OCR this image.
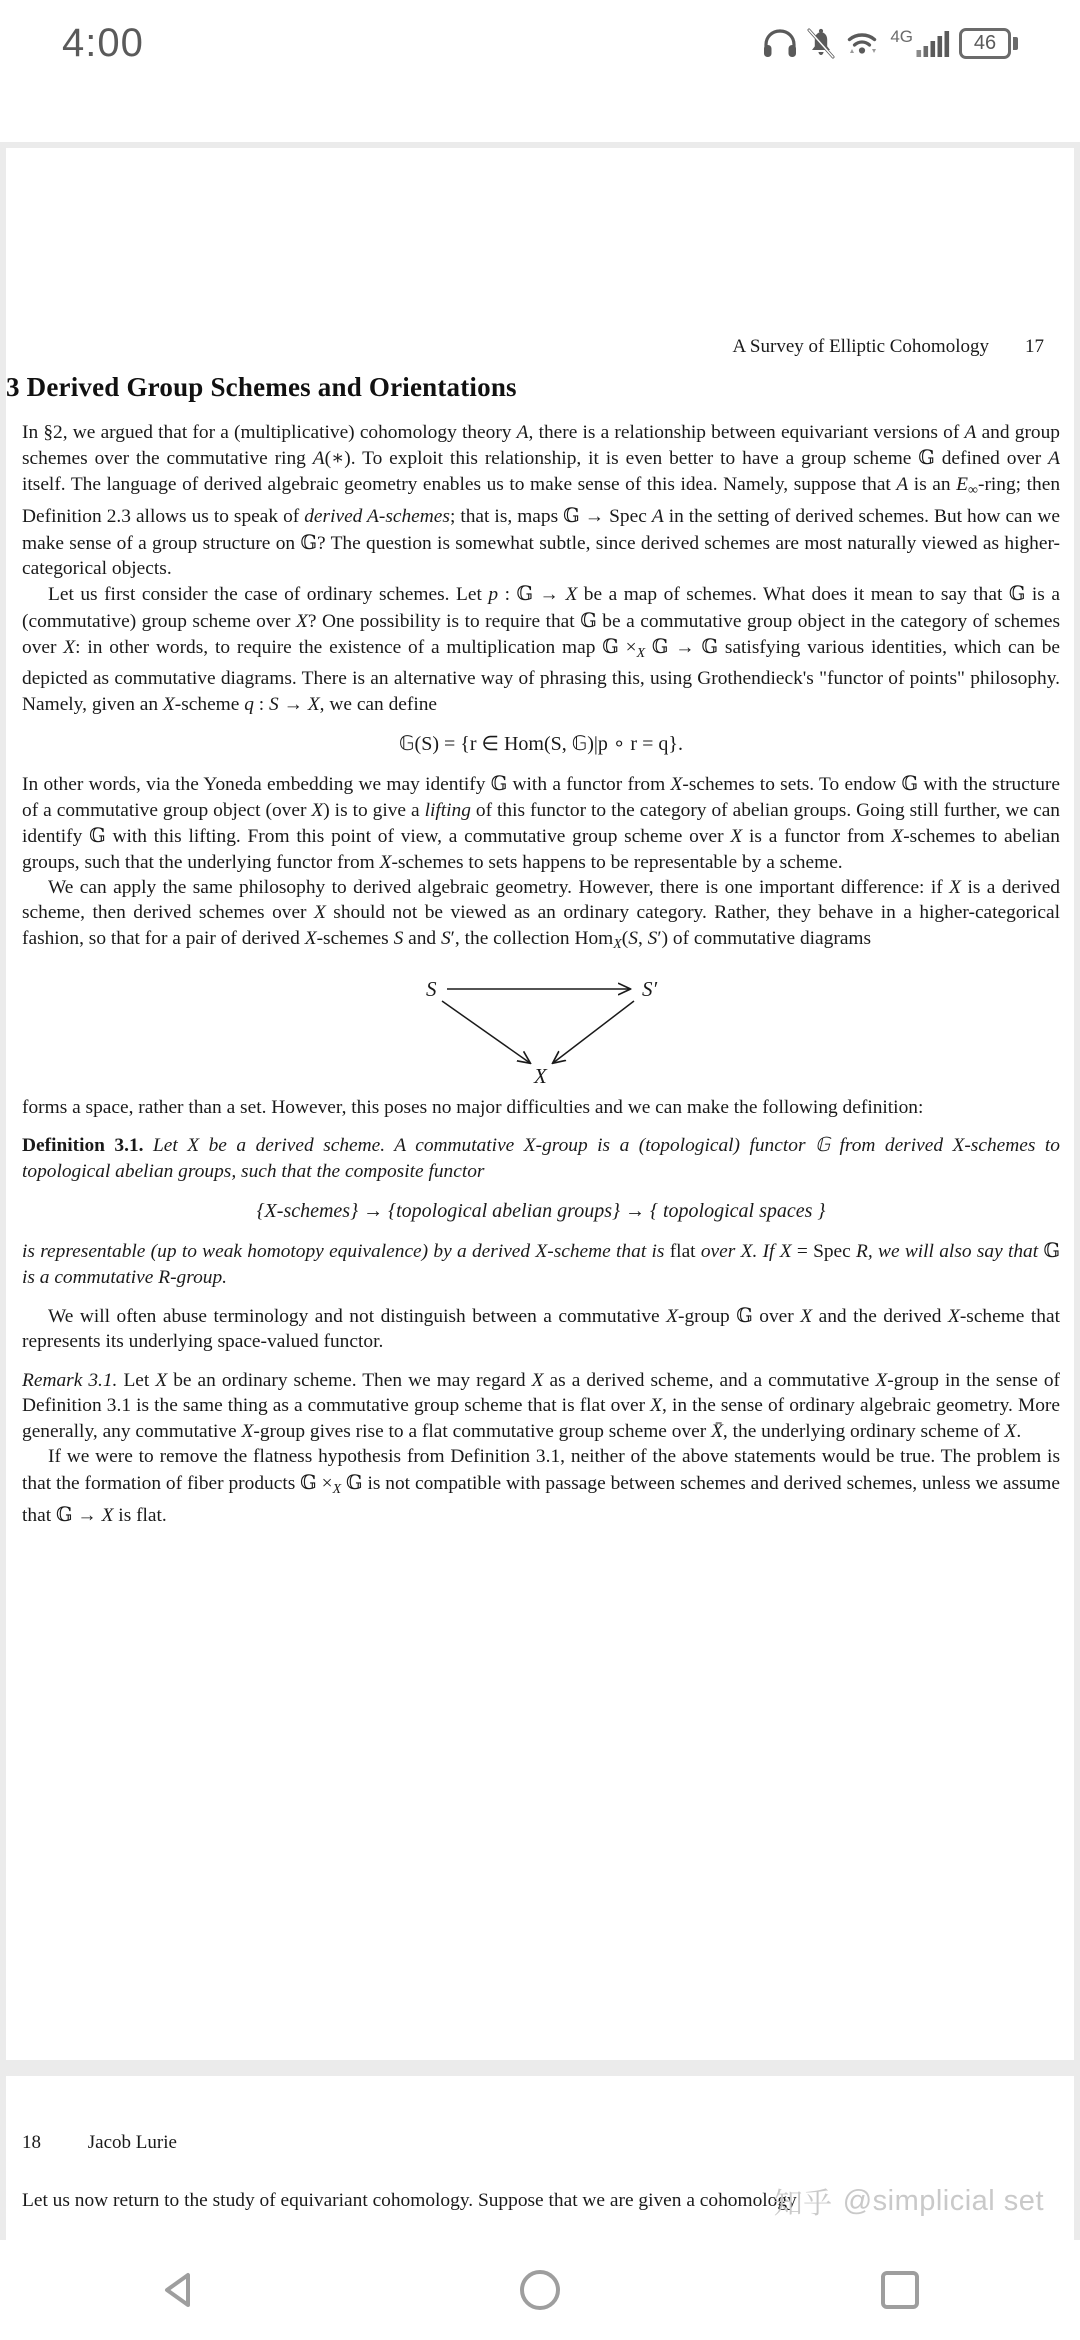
4:00	4G	46
A Survey of Elliptic Cohomology 17
3 Derived Group Schemes and Orientations

In §2, we argued that for a (multiplicative) cohomology theory A, there is a relationship between equivariant versions of A and group schemes over the commutative ring A(∗). To exploit this relationship, it is even better to have a group scheme 𝔾 defined over A itself. The language of derived algebraic geometry enables us to make sense of this idea. Namely, suppose that A is an $E_\infty$-ring; then Definition 2.3 allows us to speak of derived A-schemes; that is, maps 𝔾 → Spec A in the setting of derived schemes. But how can we make sense of a group structure on 𝔾? The question is somewhat subtle, since derived schemes are most naturally viewed as higher-categorical objects.

Let us first consider the case of ordinary schemes. Let p : 𝔾 → X be a map of schemes. What does it mean to say that 𝔾 is a (commutative) group scheme over X? One possibility is to require that 𝔾 be a commutative group object in the category of schemes over X: in other words, to require the existence of a multiplication map 𝔾 $\times_X$ 𝔾 → 𝔾 satisfying various identities, which can be depicted as commutative diagrams. There is an alternative way of phrasing this, using Grothendieck's "functor of points" philosophy. Namely, given an X-scheme q : S → X, we can define

𝔾(S) = {r ∈ Hom(S, 𝔾)|p ∘ r = q}.

In other words, via the Yoneda embedding we may identify 𝔾 with a functor from X-schemes to sets. To endow 𝔾 with the structure of a commutative group object (over X) is to give a lifting of this functor to the category of abelian groups. Going still further, we can identify 𝔾 with this lifting. From this point of view, a commutative group scheme over X is a functor from X-schemes to abelian groups, such that the underlying functor from X-schemes to sets happens to be representable by a scheme.

We can apply the same philosophy to derived algebraic geometry. However, there is one important difference: if X is a derived scheme, then derived schemes over X should not be viewed as an ordinary category. Rather, they behave in a higher-categorical fashion, so that for a pair of derived X-schemes S and S′, the collection Hom$_X$(S, S′) of commutative diagrams

S	S′
X

forms a space, rather than a set. However, this poses no major difficulties and we can make the following definition:

Definition 3.1. Let X be a derived scheme. A commutative X-group is a (topological) functor 𝔾 from derived X-schemes to topological abelian groups, such that the composite functor

{X-schemes} → {topological abelian groups} → { topological spaces }

is representable (up to weak homotopy equivalence) by a derived X-scheme that is flat over X. If X = Spec R, we will also say that 𝔾 is a commutative R-group.

We will often abuse terminology and not distinguish between a commutative X-group 𝔾 over X and the derived X-scheme that represents its underlying space-valued functor.

Remark 3.1. Let X be an ordinary scheme. Then we may regard X as a derived scheme, and a commutative X-group in the sense of Definition 3.1 is the same thing as a commutative group scheme that is flat over X, in the sense of ordinary algebraic geometry. More generally, any commutative X-group gives rise to a flat commutative group scheme over X̄, the underlying ordinary scheme of X.

If we were to remove the flatness hypothesis from Definition 3.1, neither of the above statements would be true. The problem is that the formation of fiber products 𝔾 $\times_X$ 𝔾 is not compatible with passage between schemes and derived schemes, unless we assume that 𝔾 → X is flat.

18 Jacob Lurie
Let us now return to the study of equivariant cohomology. Suppose that we are given a cohomology
知乎 @simplicial set
